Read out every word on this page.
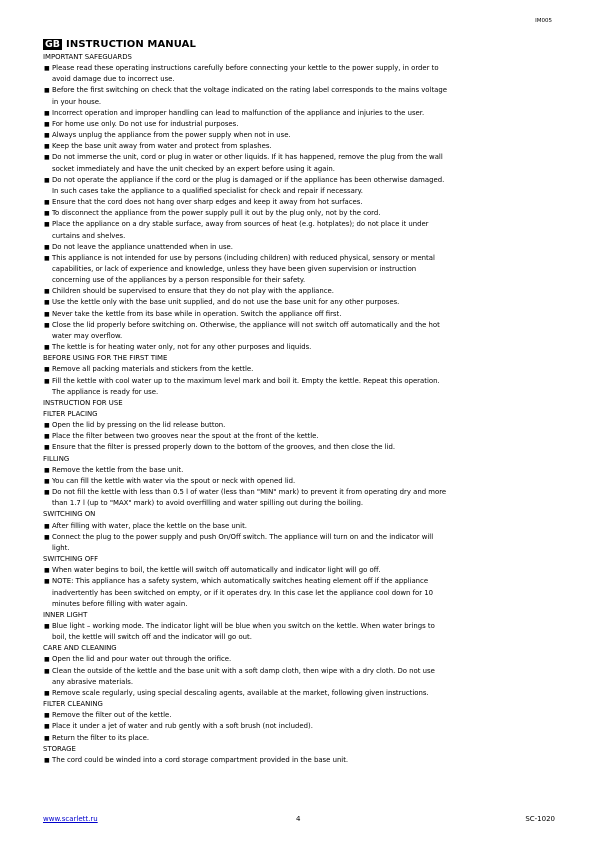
IM005
GB INSTRUCTION MANUAL
IMPORTANT SAFEGUARDS
■ Please read these operating instructions carefully before connecting your kettle to the power supply, in order to
avoid damage due to incorrect use.
■ Before the first switching on check that the voltage indicated on the rating label corresponds to the mains voltage
in your house.
■ Incorrect operation and improper handling can lead to malfunction of the appliance and injuries to the user.
■ For home use only. Do not use for industrial purposes.
■ Always unplug the appliance from the power supply when not in use.
■ Keep the base unit away from water and protect from splashes.
■ Do not immerse the unit, cord or plug in water or other liquids. If it has happened, remove the plug from the wall
socket immediately and have the unit checked by an expert before using it again.
■ Do not operate the appliance if the cord or the plug is damaged or if the appliance has been otherwise damaged.
In such cases take the appliance to a qualified specialist for check and repair if necessary.
■ Ensure that the cord does not hang over sharp edges and keep it away from hot surfaces.
■ To disconnect the appliance from the power supply pull it out by the plug only, not by the cord.
■ Place the appliance on a dry stable surface, away from sources of heat (e.g. hotplates); do not place it under
curtains and shelves.
■ Do not leave the appliance unattended when in use.
■ This appliance is not intended for use by persons (including children) with reduced physical, sensory or mental
capabilities, or lack of experience and knowledge, unless they have been given supervision or instruction
concerning use of the appliances by a person responsible for their safety.
■ Children should be supervised to ensure that they do not play with the appliance.
■ Use the kettle only with the base unit supplied, and do not use the base unit for any other purposes.
■ Never take the kettle from its base while in operation. Switch the appliance off first.
■ Close the lid properly before switching on. Otherwise, the appliance will not switch off automatically and the hot
water may overflow.
■ The kettle is for heating water only, not for any other purposes and liquids.
BEFORE USING FOR THE FIRST TIME
■ Remove all packing materials and stickers from the kettle.
■ Fill the kettle with cool water up to the maximum level mark and boil it. Empty the kettle. Repeat this operation.
The appliance is ready for use.
INSTRUCTION FOR USE
FILTER PLACING
■ Open the lid by pressing on the lid release button.
■ Place the filter between two grooves near the spout at the front of the kettle.
■ Ensure that the filter is pressed properly down to the bottom of the grooves, and then close the lid.
FILLING
■ Remove the kettle from the base unit.
■ You can fill the kettle with water via the spout or neck with opened lid.
■ Do not fill the kettle with less than 0.5 l of water (less than "MIN" mark) to prevent it from operating dry and more
than 1.7 l (up to "MAX" mark) to avoid overfilling and water spilling out during the boiling.
SWITCHING ON
■ After filling with water, place the kettle on the base unit.
■ Connect the plug to the power supply and push On/Off switch. The appliance will turn on and the indicator will
light.
SWITCHING OFF
■ When water begins to boil, the kettle will switch off automatically and indicator light will go off.
■ NOTE: This appliance has a safety system, which automatically switches heating element off if the appliance
inadvertently has been switched on empty, or if it operates dry. In this case let the appliance cool down for 10
minutes before filling with water again.
INNER LIGHT
■ Blue light – working mode. The indicator light will be blue when you switch on the kettle. When water brings to
boil, the kettle will switch off and the indicator will go out.
CARE AND CLEANING
■ Open the lid and pour water out through the orifice.
■ Clean the outside of the kettle and the base unit with a soft damp cloth, then wipe with a dry cloth. Do not use
any abrasive materials.
■ Remove scale regularly, using special descaling agents, available at the market, following given instructions.
FILTER CLEANING
■ Remove the filter out of the kettle.
■ Place it under a jet of water and rub gently with a soft brush (not included).
■ Return the filter to its place.
STORAGE
■ The cord could be winded into a cord storage compartment provided in the base unit.
www.scarlett.ru	4	SC-1020
